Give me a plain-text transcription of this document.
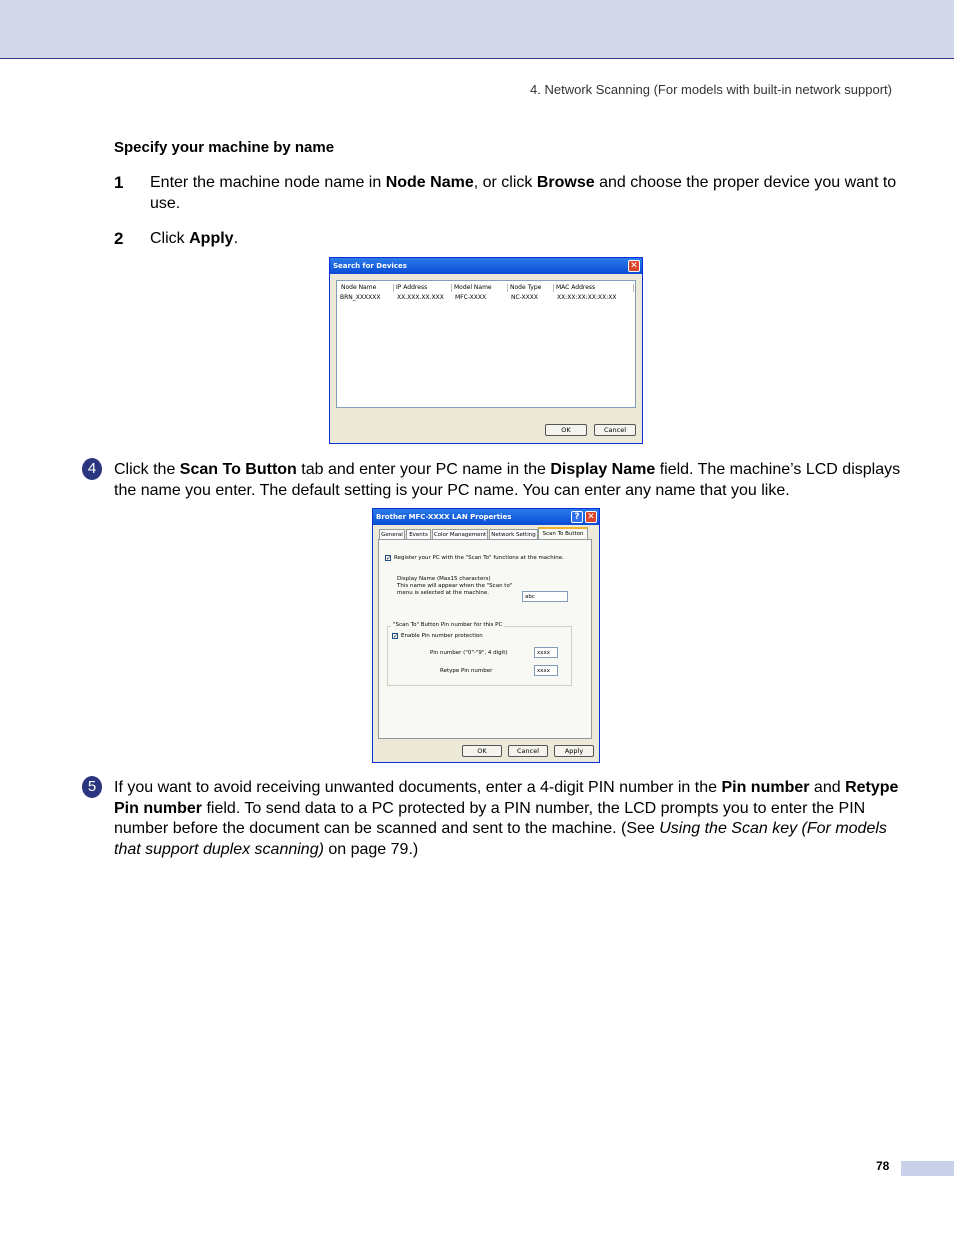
4. Network Scanning (For models with built-in network support)
Specify your machine by name
1 Enter the machine node name in Node Name, or click Browse and choose the proper device you want to use.
2 Click Apply.
Search for Devices	✕
Node Name	IP Address	Model Name	Node Type	MAC Address
BRN_XXXXXX	XX.XXX.XX.XXX	MFC-XXXX	NC-XXXX	XX:XX:XX:XX:XX:XX
OK	Cancel
4	Click the Scan To Button tab and enter your PC name in the Display Name field. The machine’s LCD displays the name you enter. The default setting is your PC name. You can enter any name that you like.
Brother MFC-XXXX LAN Properties	? ✕
General	Events	Color Management Network Setting	Scan To Button
✓ Register your PC with the "Scan To" functions at the machine.
Display Name (Max15 characters)
This name will appear when the "Scan to"
menu is selected at the machine.
abc
"Scan To" Button Pin number for this PC
✓ Enable Pin number protection
Pin number ("0"-"9", 4 digit)	xxxx
Retype Pin number	xxxx
OK	Cancel	Apply
5	If you want to avoid receiving unwanted documents, enter a 4-digit PIN number in the Pin number and Retype Pin number field. To send data to a PC protected by a PIN number, the LCD prompts you to enter the PIN number before the document can be scanned and sent to the machine. (See Using the Scan key (For models that support duplex scanning) on page 79.)
78
